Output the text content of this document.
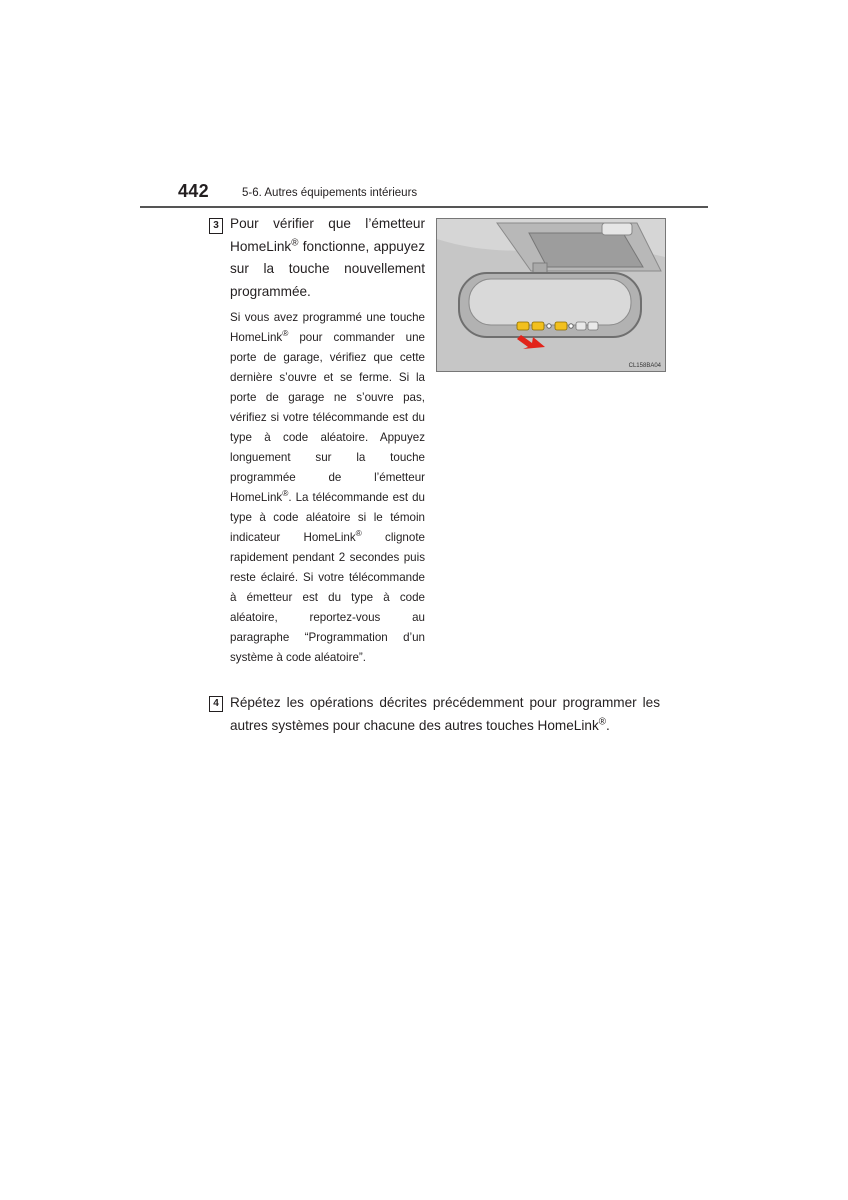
442	5-6. Autres équipements intérieurs
3 Pour vérifier que l’émetteur HomeLink® fonctionne, appuyez sur la touche nouvellement programmée.
Si vous avez programmé une touche HomeLink® pour commander une porte de garage, vérifiez que cette dernière s’ouvre et se ferme. Si la porte de garage ne s’ouvre pas, vérifiez si votre télécommande est du type à code aléatoire. Appuyez longuement sur la touche programmée de l’émetteur HomeLink®. La télécommande est du type à code aléatoire si le témoin indicateur HomeLink® clignote rapidement pendant 2 secondes puis reste éclairé. Si votre télécommande à émetteur est du type à code aléatoire, reportez-vous au paragraphe “Programmation d’un système à code aléatoire”.
CL158BA04
4 Répétez les opérations décrites précédemment pour programmer les autres systèmes pour chacune des autres touches HomeLink®.
